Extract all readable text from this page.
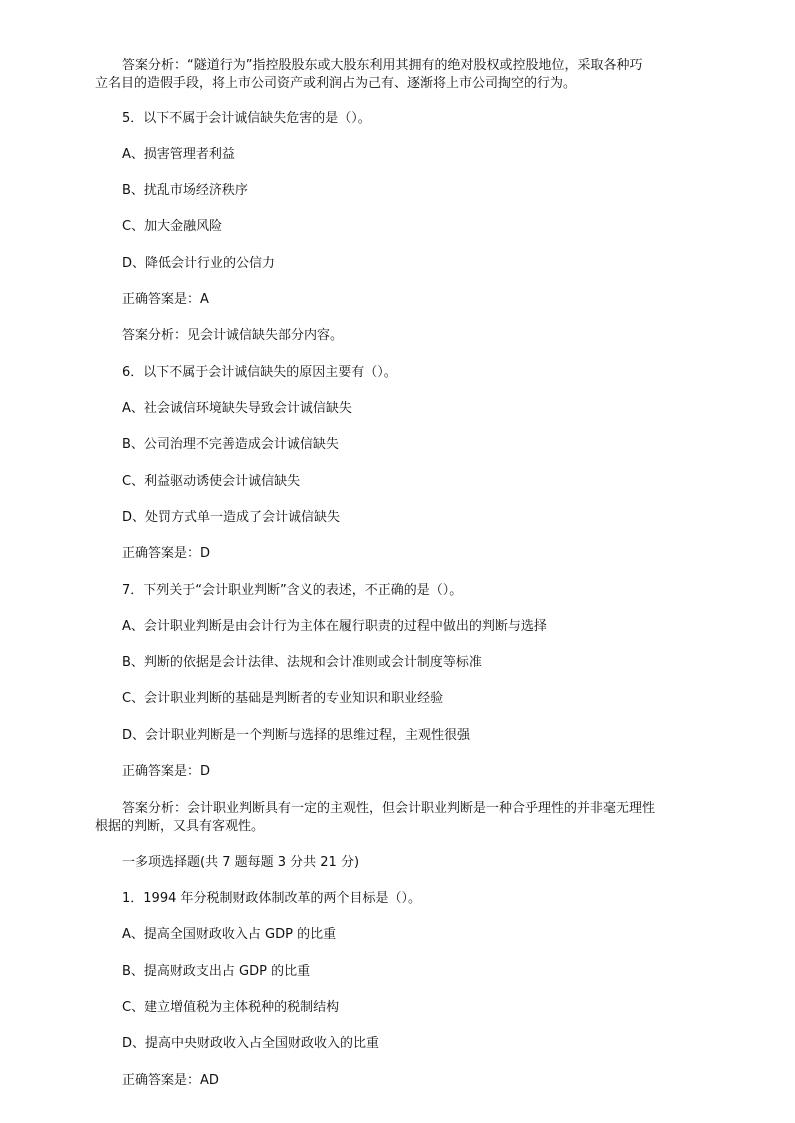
答案分析：“隧道行为”指控股股东或大股东利用其拥有的绝对股权或控股地位，采取各种巧
立名目的造假手段，将上市公司资产或利润占为己有、逐渐将上市公司掏空的行为。
5．以下不属于会计诚信缺失危害的是（）。
A、损害管理者利益
B、扰乱市场经济秩序
C、加大金融风险
D、降低会计行业的公信力
正确答案是：A
答案分析：见会计诚信缺失部分内容。
6．以下不属于会计诚信缺失的原因主要有（）。
A、社会诚信环境缺失导致会计诚信缺失
B、公司治理不完善造成会计诚信缺失
C、利益驱动诱使会计诚信缺失
D、处罚方式单一造成了会计诚信缺失
正确答案是：D
7．下列关于“会计职业判断”含义的表述，不正确的是（）。
A、会计职业判断是由会计行为主体在履行职责的过程中做出的判断与选择
B、判断的依据是会计法律、法规和会计准则或会计制度等标准
C、会计职业判断的基础是判断者的专业知识和职业经验
D、会计职业判断是一个判断与选择的思维过程，主观性很强
正确答案是：D
答案分析：会计职业判断具有一定的主观性，但会计职业判断是一种合乎理性的并非毫无理性
根据的判断，又具有客观性。
一多项选择题(共 7 题每题 3 分共 21 分)
1．1994 年分税制财政体制改革的两个目标是（）。
A、提高全国财政收入占 GDP 的比重
B、提高财政支出占 GDP 的比重
C、建立增值税为主体税种的税制结构
D、提高中央财政收入占全国财政收入的比重
正确答案是：AD
